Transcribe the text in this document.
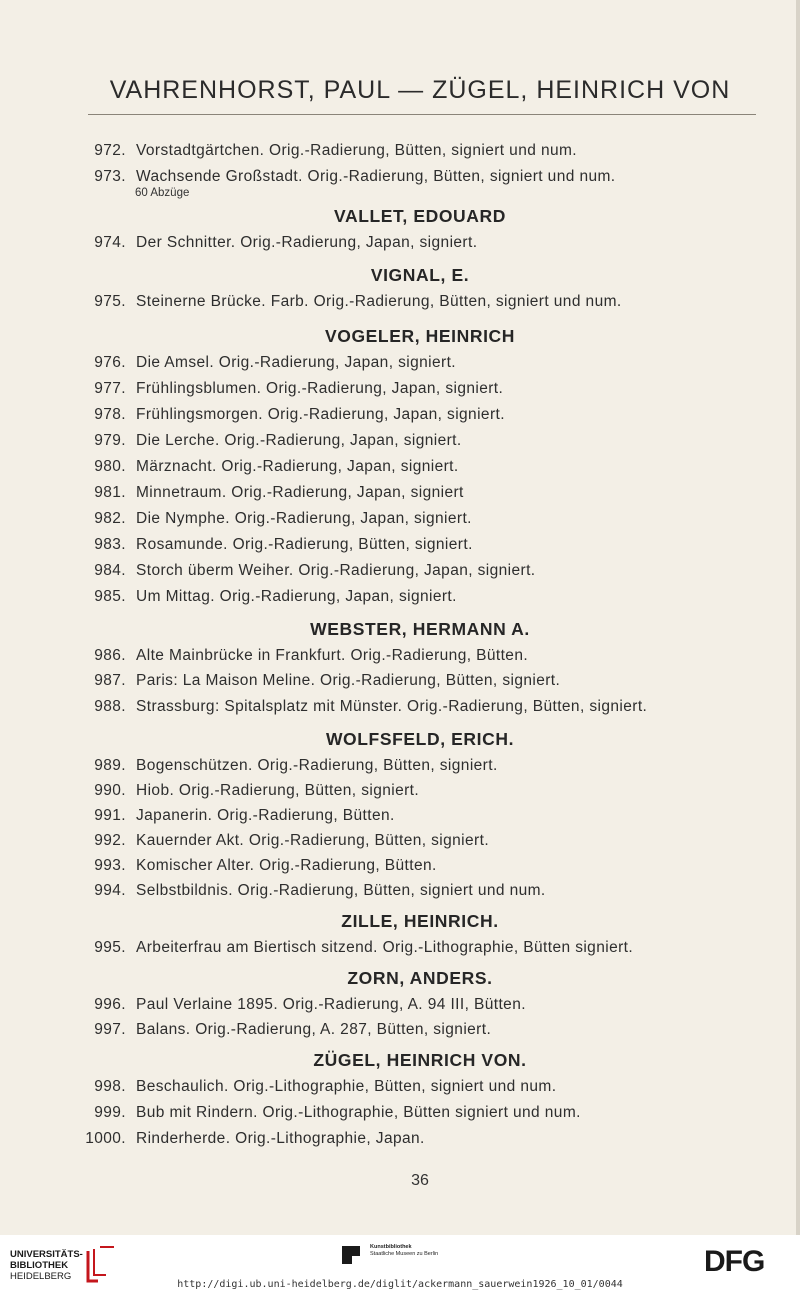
VAHRENHORST, PAUL — ZÜGEL, HEINRICH VON
972. Vorstadtgärtchen. Orig.-Radierung, Bütten, signiert und num.
973. Wachsende Großstadt. Orig.-Radierung, Bütten, signiert und num.
60 Abzüge
VALLET, EDOUARD
974. Der Schnitter. Orig.-Radierung, Japan, signiert.
VIGNAL, E.
975. Steinerne Brücke. Farb. Orig.-Radierung, Bütten, signiert und num.
VOGELER, HEINRICH
976. Die Amsel. Orig.-Radierung, Japan, signiert.
977. Frühlingsblumen. Orig.-Radierung, Japan, signiert.
978. Frühlingsmorgen. Orig.-Radierung, Japan, signiert.
979. Die Lerche. Orig.-Radierung, Japan, signiert.
980. Märznacht. Orig.-Radierung, Japan, signiert.
981. Minnetraum. Orig.-Radierung, Japan, signiert
982. Die Nymphe. Orig.-Radierung, Japan, signiert.
983. Rosamunde. Orig.-Radierung, Bütten, signiert.
984. Storch überm Weiher. Orig.-Radierung, Japan, signiert.
985. Um Mittag. Orig.-Radierung, Japan, signiert.
WEBSTER, HERMANN A.
986. Alte Mainbrücke in Frankfurt. Orig.-Radierung, Bütten.
987. Paris: La Maison Meline. Orig.-Radierung, Bütten, signiert.
988. Strassburg: Spitalsplatz mit Münster. Orig.-Radierung, Bütten, signiert.
WOLFSFELD, ERICH.
989. Bogenschützen. Orig.-Radierung, Bütten, signiert.
990. Hiob. Orig.-Radierung, Bütten, signiert.
991. Japanerin. Orig.-Radierung, Bütten.
992. Kauernder Akt. Orig.-Radierung, Bütten, signiert.
993. Komischer Alter. Orig.-Radierung, Bütten.
994. Selbstbildnis. Orig.-Radierung, Bütten, signiert und num.
ZILLE, HEINRICH.
995. Arbeiterfrau am Biertisch sitzend. Orig.-Lithographie, Bütten signiert.
ZORN, ANDERS.
996. Paul Verlaine 1895. Orig.-Radierung, A. 94 III, Bütten.
997. Balans. Orig.-Radierung, A. 287, Bütten, signiert.
ZÜGEL, HEINRICH VON.
998. Beschaulich. Orig.-Lithographie, Bütten, signiert und num.
999. Bub mit Rindern. Orig.-Lithographie, Bütten signiert und num.
1000. Rinderherde. Orig.-Lithographie, Japan.
36
UNIVERSITÄTS-
BIBLIOTHEK
HEIDELBERG
Kunstbibliothek
Staatliche Museen zu Berlin	DFG
http://digi.ub.uni-heidelberg.de/diglit/ackermann_sauerwein1926_10_01/0044
